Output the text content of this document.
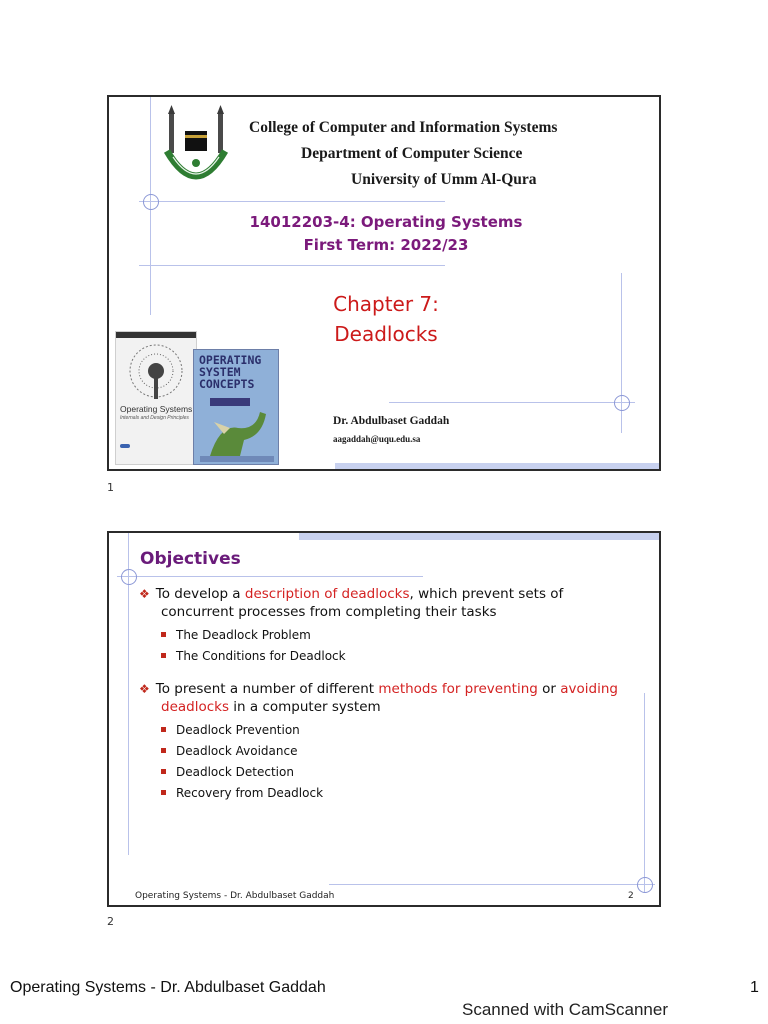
College of Computer and Information Systems
Department of Computer Science
University of Umm Al-Qura
14012203-4: Operating Systems
First Term: 2022/23
Chapter 7:
Deadlocks
Dr. Abdulbaset Gaddah
aagaddah@uqu.edu.sa
Operating Systems
Internals and Design Principles
OPERATING
SYSTEM
CONCEPTS
1
Objectives
❖ To develop a description of deadlocks, which prevent sets of
concurrent processes from completing their tasks
The Deadlock Problem
The Conditions for Deadlock
❖ To present a number of different methods for preventing or avoiding
deadlocks in a computer system
Deadlock Prevention
Deadlock Avoidance
Deadlock Detection
Recovery from Deadlock
Operating Systems - Dr. Abdulbaset Gaddah	2
2
Operating Systems - Dr. Abdulbaset Gaddah	1
Scanned with CamScanner
